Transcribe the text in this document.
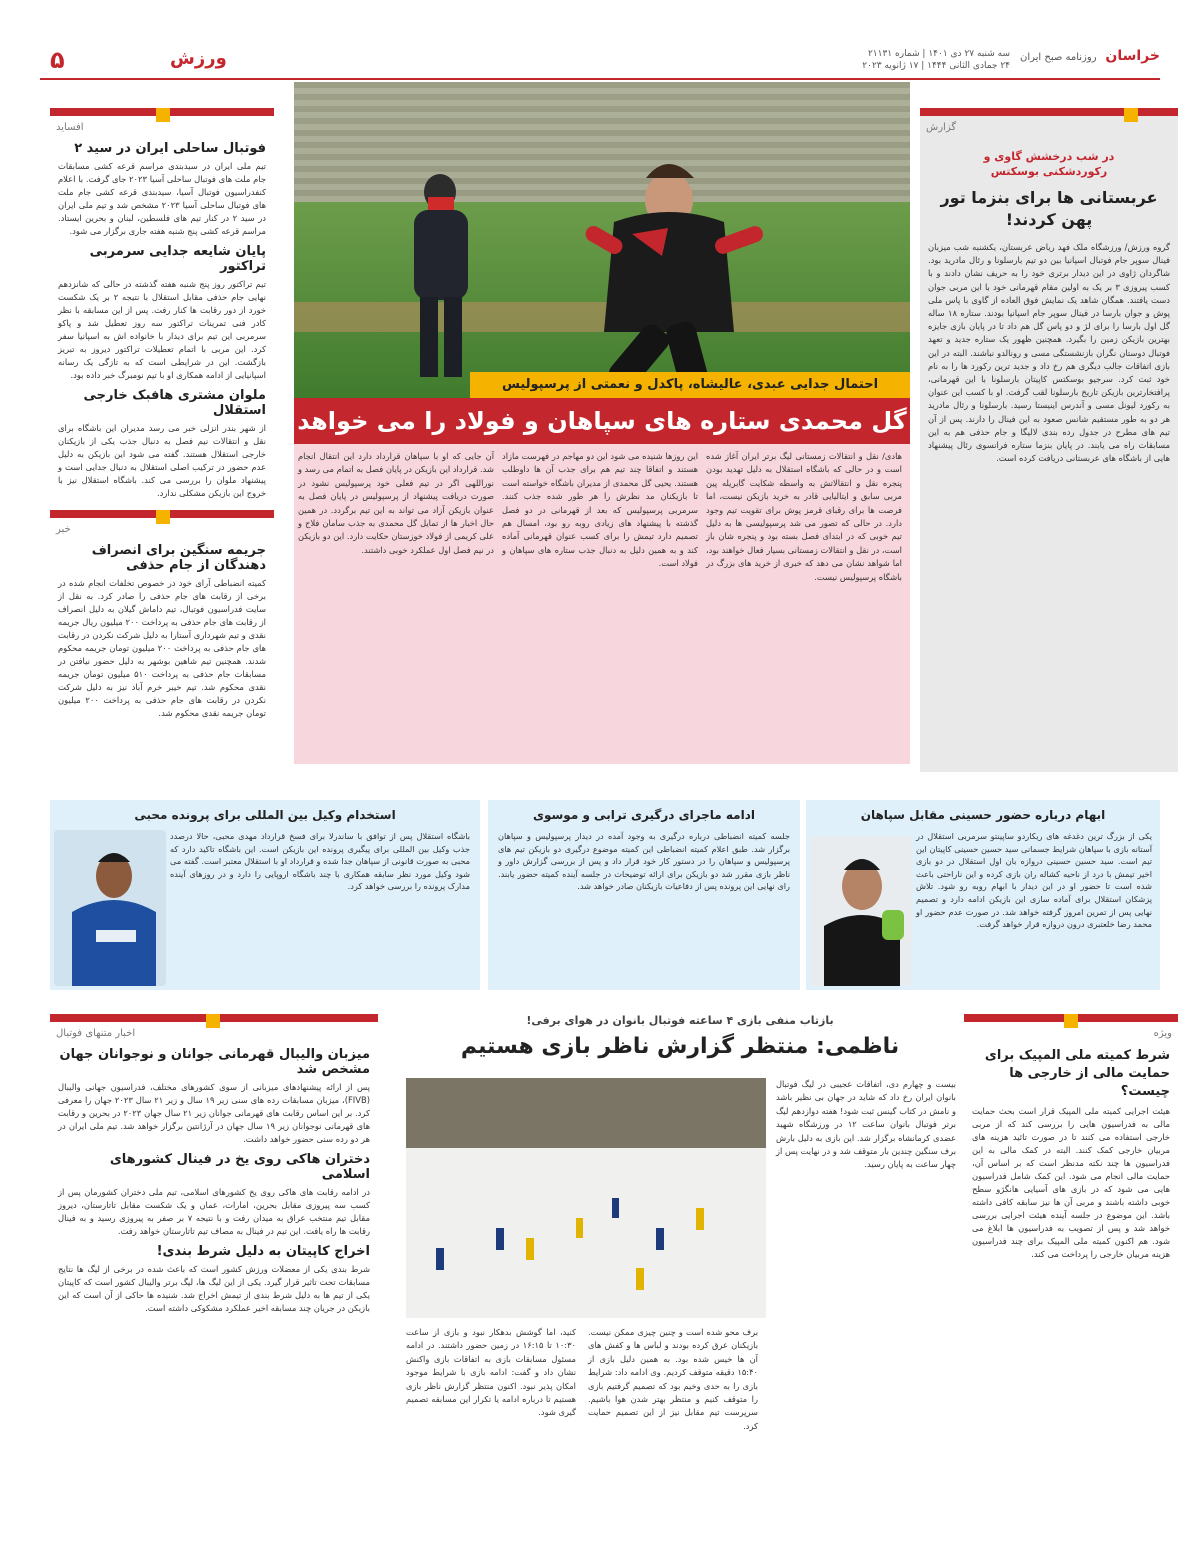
خراسان روزنامه صبح ایران
سه شنبه ۲۷ دی ۱۴۰۱ | شماره ۲۱۱۳۱
۲۴ جمادی الثانی ۱۴۴۴ | ۱۷ ژانویه ۲۰۲۳
ورزش
۵
گزارش
در شب درخشش گاوی و رکوردشکنی بوسکتس
عربستانی ها برای بنزما تور پهن کردند!
گروه ورزش/ ورزشگاه ملک فهد ریاض عربستان، یکشنبه شب میزبان فینال سوپر جام فوتبال اسپانیا بین دو تیم بارسلونا و رئال مادرید بود. شاگردان ژاوی در این دیدار برتری خود را به حریف نشان دادند و با کسب پیروزی ۳ بر یک به اولین مقام قهرمانی خود با این مربی جوان دست یافتند. همگان شاهد یک نمایش فوق العاده از گاوی با پاس ملی پوش و جوان بارسا در فینال سوپر جام اسپانیا بودند. ستاره ۱۸ ساله گل اول بارسا را برای لژ و دو پاس گل هم داد تا در پایان بازی جایزه بهترین بازیکن زمین را بگیرد. همچنین ظهور یک ستاره جدید و تعهد فوتبال دوستان نگران بازنشستگی مسی و رونالدو نباشند. البته در این بازی اتفاقات جالب دیگری هم رخ داد و جدید ترین رکورد ها را به نام خود ثبت کرد. سرجیو بوسکتس کاپیتان بارسلونا با این قهرمانی، پرافتخارترین بازیکن تاریخ بارسلونا لقب گرفت. او با کسب این عنوان به رکورد لیونل مسی و آندرس اینیستا رسید. بارسلونا و رئال مادرید هر دو به طور مستقیم شانس صعود به این فینال را دارند. پس از آن تیم های مطرح در جدول رده بندی لالیگا و جام حذفی هم به این مسابقات راه می یابند. در پایان بنزما ستاره فرانسوی رئال پیشنهاد هایی از باشگاه های عربستانی دریافت کرده است.
احتمال جدایی عبدی، عالیشاه، پاکدل و نعمتی از پرسپولیس
گل محمدی ستاره های سپاهان و فولاد را می خواهد
هادی/ نقل و انتقالات زمستانی لیگ برتر ایران آغاز شده است و در حالی که باشگاه استقلال به دلیل تهدید بودن پنجره نقل و انتقالاتش به واسطه شکایت گابریله پین مربی سابق و ایتالیایی قادر به خرید بازیکن نیست، اما فرصت ها برای رقبای قرمز پوش برای تقویت تیم وجود دارد. در حالی که تصور می شد پرسپولیسی ها به دلیل تیم خوبی که در ابتدای فصل بسته بود و پنجره شان باز است، در نقل و انتقالات زمستانی بسیار فعال خواهند بود، اما شواهد نشان می دهد که خبری از خرید های بزرگ در باشگاه پرسپولیس نیست.
این روزها شنیده می شود این دو مهاجم در فهرست مازاد هستند و اتفاقا چند تیم هم برای جذب آن ها داوطلب هستند. یحیی گل محمدی از مدیران باشگاه خواسته است تا بازیکنان مد نظرش را هر طور شده جذب کنند. سرمربی پرسپولیس که بعد از قهرمانی در دو فصل گذشته با پیشنهاد های زیادی روبه رو بود، امسال هم تصمیم دارد تیمش را برای کسب عنوان قهرمانی آماده کند و به همین دلیل به دنبال جذب ستاره های سپاهان و فولاد است.
آن جایی که او با سپاهان قرارداد دارد این انتقال انجام شد. قرارداد این بازیکن در پایان فصل به اتمام می رسد و نوراللهی اگر در تیم فعلی خود پرسپولیس نشود در صورت دریافت پیشنهاد از پرسپولیس در پایان فصل به عنوان بازیکن آزاد می تواند به این تیم برگردد. در همین حال اخبار ها از تمایل گل محمدی به جذب سامان فلاح و علی کریمی از فولاد خوزستان حکایت دارد. این دو بازیکن در نیم فصل اول عملکرد خوبی داشتند.
افساید
فوتبال ساحلی ایران در سید ۲
تیم ملی ایران در سیدبندی مراسم قرعه کشی مسابقات جام ملت های فوتبال ساحلی آسیا ۲۰۲۳ جای گرفت. با اعلام کنفدراسیون فوتبال آسیا، سیدبندی قرعه کشی جام ملت های فوتبال ساحلی آسیا ۲۰۲۳ مشخص شد و تیم ملی ایران در سید ۲ در کنار تیم های فلسطین، لبنان و بحرین ایستاد. مراسم قرعه کشی پنج شنبه هفته جاری برگزار می شود.
پایان شایعه جدایی سرمربی تراکتور
تیم تراکتور روز پنج شنبه هفته گذشته در حالی که شانزدهم نهایی جام حذفی مقابل استقلال با نتیجه ۲ بر یک شکست خورد از دور رقابت ها کنار رفت. پس از این مسابقه با نظر کادر فنی تمرینات تراکتور سه روز تعطیل شد و پاکو سرمربی این تیم برای دیدار با خانواده اش به اسپانیا سفر کرد. این مربی با اتمام تعطیلات تراکتور دیروز به تبریز بازگشت. این در شرایطی است که به تازگی یک رسانه اسپانیایی از ادامه همکاری او با تیم نومبرگ خبر داده بود.
ملوان مشتری هافبک خارجی استقلال
از شهر بندر انزلی خبر می رسد مدیران این باشگاه برای نقل و انتقالات نیم فصل به دنبال جذب یکی از بازیکنان خارجی استقلال هستند. گفته می شود این بازیکن به دلیل عدم حضور در ترکیب اصلی استقلال به دنبال جدایی است و پیشنهاد ملوان را بررسی می کند. باشگاه استقلال نیز با خروج این بازیکن مشکلی ندارد.
خبر
جریمه سنگین برای انصراف دهندگان از جام حذفی
کمیته انضباطی آرای خود در خصوص تخلفات انجام شده در برخی از رقابت های جام حذفی را صادر کرد. به نقل از سایت فدراسیون فوتبال، تیم داماش گیلان به دلیل انصراف از رقابت های جام حذفی به پرداخت ۲۰۰ میلیون ریال جریمه نقدی و تیم شهرداری آستارا به دلیل شرکت نکردن در رقابت های جام حذفی به پرداخت ۲۰۰ میلیون تومان جریمه محکوم شدند. همچنین تیم شاهین بوشهر به دلیل حضور نیافتن در مسابقات جام حذفی به پرداخت ۵۱۰ میلیون تومان جریمه نقدی محکوم شد. تیم خیبر خرم آباد نیز به دلیل شرکت نکردن در رقابت های جام حذفی به پرداخت ۲۰۰ میلیون تومان جریمه نقدی محکوم شد.
ابهام درباره حضور حسینی مقابل سپاهان
یکی از بزرگ ترین دغدغه های ریکاردو ساپینتو سرمربی استقلال در آستانه بازی با سپاهان شرایط جسمانی سید حسین حسینی کاپیتان این تیم است. سید حسین حسینی دروازه بان اول استقلال در دو بازی اخیر تیمش با درد از ناحیه کشاله ران بازی کرده و این ناراحتی باعث شده است تا حضور او در این دیدار با ابهام روبه رو شود. تلاش پزشکان استقلال برای آماده سازی این بازیکن ادامه دارد و تصمیم نهایی پس از تمرین امروز گرفته خواهد شد. در صورت عدم حضور او محمد رضا خلعتبری درون دروازه قرار خواهد گرفت.
ادامه ماجرای درگیری ترابی و موسوی
جلسه کمیته انضباطی درباره درگیری به وجود آمده در دیدار پرسپولیس و سپاهان برگزار شد. طبق اعلام کمیته انضباطی این کمیته موضوع درگیری دو بازیکن تیم های پرسپولیس و سپاهان را در دستور کار خود قرار داد و پس از بررسی گزارش داور و ناظر بازی مقرر شد دو بازیکن برای ارائه توضیحات در جلسه آینده کمیته حضور یابند. رای نهایی این پرونده پس از دفاعیات بازیکنان صادر خواهد شد.
استخدام وکیل بین المللی برای پرونده محبی
باشگاه استقلال پس از توافق با ساندرلا برای فسخ قرارداد مهدی محبی، حالا درصدد جذب وکیل بین المللی برای پیگیری پرونده این بازیکن است. این باشگاه تاکید دارد که محبی به صورت قانونی از سپاهان جدا شده و قرارداد او با استقلال معتبر است. گفته می شود وکیل مورد نظر سابقه همکاری با چند باشگاه اروپایی را دارد و در روزهای آینده مدارک پرونده را بررسی خواهد کرد.
اخبار متنهای فوتبال
میزبان والیبال قهرمانی جوانان و نوجوانان جهان مشخص شد
پس از ارائه پیشنهادهای میزبانی از سوی کشورهای مختلف، فدراسیون جهانی والیبال (FIVB)، میزبان مسابقات رده های سنی زیر ۱۹ سال و زیر ۲۱ سال ۲۰۲۳ جهان را معرفی کرد. بر این اساس رقابت های قهرمانی جوانان زیر ۲۱ سال جهان ۲۰۲۳ در بحرین و رقابت های قهرمانی نوجوانان زیر ۱۹ سال جهان در آرژانتین برگزار خواهد شد. تیم ملی ایران در هر دو رده سنی حضور خواهد داشت.
دختران هاکی روی یخ در فینال کشورهای اسلامی
در ادامه رقابت های هاکی روی یخ کشورهای اسلامی، تیم ملی دختران کشورمان پس از کسب سه پیروزی مقابل بحرین، امارات، عمان و یک شکست مقابل تاتارستان، دیروز مقابل تیم منتخب عراق به میدان رفت و با نتیجه ۷ بر صفر به پیروزی رسید و به فینال رقابت ها راه یافت. این تیم در فینال به مصاف تیم تاتارستان خواهد رفت.
اخراج کاپیتان به دلیل شرط بندی!
شرط بندی یکی از معضلات ورزش کشور است که باعث شده در برخی از لیگ ها نتایج مسابقات تحت تاثیر قرار گیرد. یکی از این لیگ ها، لیگ برتر والیبال کشور است که کاپیتان یکی از تیم ها به دلیل شرط بندی از تیمش اخراج شد. شنیده ها حاکی از آن است که این بازیکن در جریان چند مسابقه اخیر عملکرد مشکوکی داشته است.
بازتاب منفی بازی ۴ ساعته فوتبال بانوان در هوای برفی!
ناظمی: منتظر گزارش ناظر بازی هستیم
بیست و چهارم دی، اتفاقات عجیبی در لیگ فوتبال بانوان ایران رخ داد که شاید در جهان بی نظیر باشد و نامش در کتاب گینس ثبت شود! هفته دوازدهم لیگ برتر فوتبال بانوان ساعت ۱۲ در ورزشگاه شهید عضدی کرمانشاه برگزار شد. این بازی به دلیل بارش برف سنگین چندین بار متوقف شد و در نهایت پس از چهار ساعت به پایان رسید.
کنید، اما گوشش بدهکار نبود و بازی از ساعت ۱۰:۳۰ تا ۱۶:۱۵ در زمین حضور داشتند. در ادامه مسئول مسابقات بازی به اتفاقات بازی واکنش نشان داد و گفت: ادامه بازی با شرایط موجود امکان پذیر نبود. اکنون منتظر گزارش ناظر بازی هستیم تا درباره ادامه یا تکرار این مسابقه تصمیم گیری شود.
برف محو شده است و چنین چیزی ممکن نیست. بازیکنان عرق کرده بودند و لباس ها و کفش های آن ها خیس شده بود. به همین دلیل بازی از ۱۵:۴۰ دقیقه متوقف کردیم. وی ادامه داد: شرایط بازی را به حدی وخیم بود که تصمیم گرفتیم بازی را متوقف کنیم و منتظر بهتر شدن هوا باشیم. سرپرست تیم مقابل نیز از این تصمیم حمایت کرد.
ویژه
شرط کمیته ملی المپیک برای حمایت مالی از خارجی ها چیست؟
هیئت اجرایی کمیته ملی المپیک قرار است بحث حمایت مالی به فدراسیون هایی را بررسی کند که از مربی خارجی استفاده می کنند تا در صورت تائید هزینه های مربیان خارجی کمک کنند. البته در کمک مالی به این فدراسیون ها چند نکته مدنظر است که بر اساس آن، حمایت مالی انجام می شود. این کمک شامل فدراسیون هایی می شود که در بازی های آسیایی هانگژو سطح خوبی داشته باشند و مربی آن ها نیز سابقه کافی داشته باشد. این موضوع در جلسه آینده هیئت اجرایی بررسی خواهد شد و پس از تصویب به فدراسیون ها ابلاغ می شود. هم اکنون کمیته ملی المپیک برای چند فدراسیون هزینه مربیان خارجی را پرداخت می کند.
